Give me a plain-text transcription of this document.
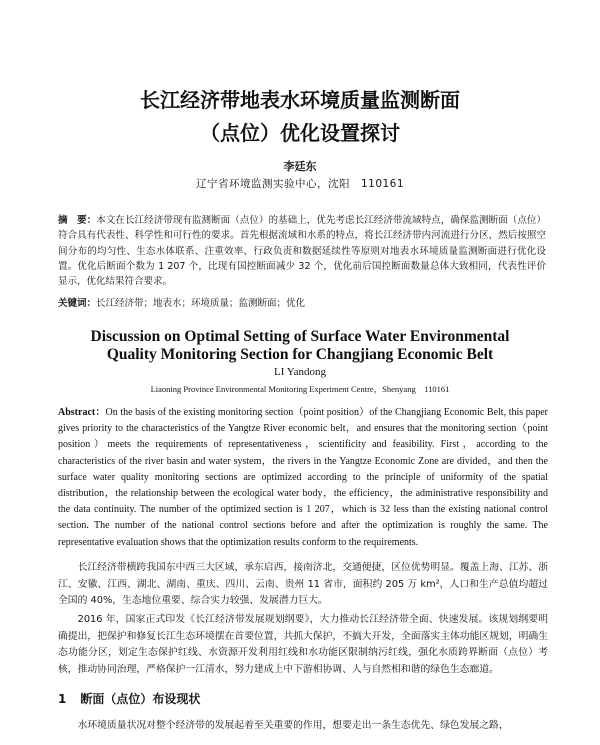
长江经济带地表水环境质量监测断面
（点位）优化设置探讨
李廷东
辽宁省环境监测实验中心，沈阳　110161
摘　要：本文在长江经济带现有监测断面（点位）的基础上，优先考虑长江经济带流域特点，确保监测断面（点位）符合具有代表性、科学性和可行性的要求。首先根据流域和水系的特点，将长江经济带内河流进行分区，然后按照空间分布的均匀性、生态水体联系、注重效率、行政负责和数据延续性等原则对地表水环境质量监测断面进行优化设置。优化后断面个数为 1 207 个，比现有国控断面减少 32 个，优化前后国控断面数量总体大致相同，代表性评价显示，优化结果符合要求。
关键词：长江经济带；地表水；环境质量；监测断面；优化
Discussion on Optimal Setting of Surface Water Environmental
Quality Monitoring Section for Changjiang Economic Belt
LI Yandong
Liaoning Province Environmental Monitoring Experiment Centre，Shenyang　110161
Abstract：On the basis of the existing monitoring section（point position）of the Changjiang Economic Belt, this paper gives priority to the characteristics of the Yangtze River economic belt，and ensures that the monitoring section（point position）meets the requirements of representativeness，scientificity and feasibility. First，according to the characteristics of the river basin and water system，the rivers in the Yangtze Economic Zone are divided，and then the surface water quality monitoring sections are optimized according to the principle of uniformity of the spatial distribution，the relationship between the ecological water body，the efficiency，the administrative responsibility and the data continuity. The number of the optimized section is 1 207，which is 32 less than the existing national control section. The number of the national control sections before and after the optimization is roughly the same. The representative evaluation shows that the optimization results conform to the requirements.
长江经济带横跨我国东中西三大区域，承东启西，接南济北，交通便捷，区位优势明显。覆盖上海、江苏、浙江、安徽、江西、湖北、湖南、重庆、四川、云南、贵州 11 省市，面积约 205 万 km²，人口和生产总值均超过全国的 40%，生态地位重要、综合实力较强、发展潜力巨大。
2016 年，国家正式印发《长江经济带发展规划纲要》，大力推动长江经济带全面、快速发展。该规划纲要明确提出，把保护和修复长江生态环境摆在首要位置，共抓大保护，不搞大开发，全面落实主体功能区规划，明确生态功能分区，划定生态保护红线、水资源开发利用红线和水功能区限制纳污红线，强化水质跨界断面（点位）考核，推动协同治理，严格保护一江清水，努力建成上中下游相协调、人与自然相和谐的绿色生态廊道。
1 断面（点位）布设现状
水环境质量状况对整个经济带的发展起着至关重要的作用，想要走出一条生态优先、绿色发展之路，
